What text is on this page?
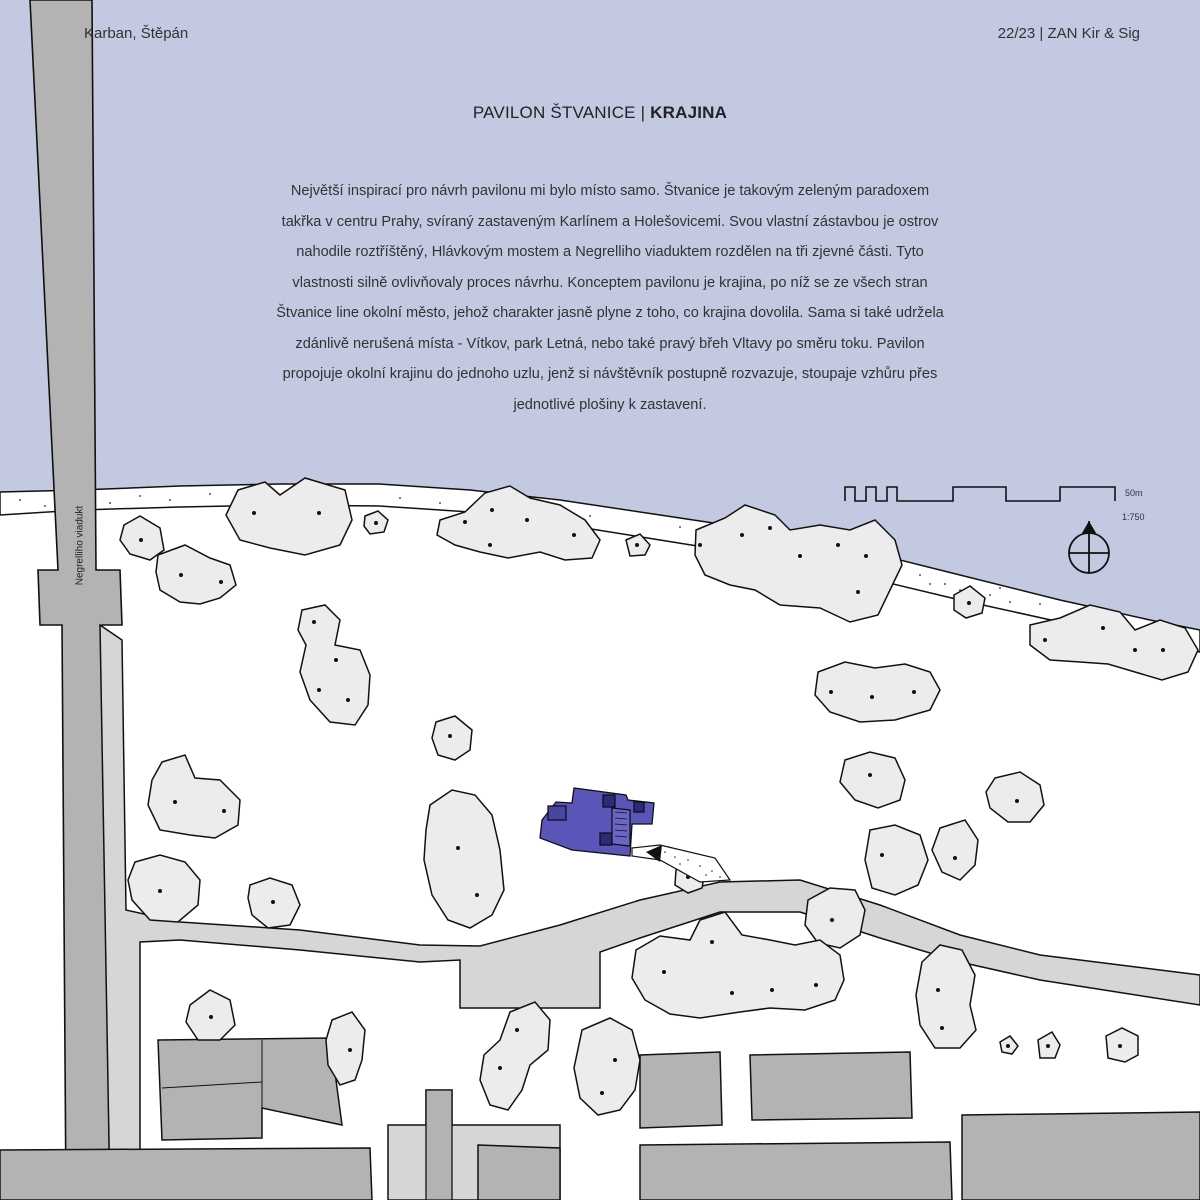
Karban, Štěpán	22/23 | ZAN Kir & Sig
PAVILON ŠTVANICE | KRAJINA
Největší inspirací pro návrh pavilonu mi bylo místo samo. Štvanice je takovým zeleným paradoxem takřka v centru Prahy, svíraný zastaveným Karlínem a Holešovicemi. Svou vlastní zástavbou je ostrov nahodile roztříštěný, Hlávkovým mostem a Negrelliho viaduktem rozdělen na tři zjevné části. Tyto vlastnosti silně ovlivňovaly proces návrhu. Konceptem pavilonu je krajina, po níž se ze všech stran Štvanice line okolní město, jehož charakter jasně plyne z toho, co krajina dovolila. Sama si také udržela zdánlivě nerušená místa - Vítkov, park Letná, nebo také pravý břeh Vltavy po směru toku. Pavilon propojuje okolní krajinu do jednoho uzlu, jenž si návštěvník postupně rozvazuje, stoupaje vzhůru přes jednotlivé plošiny k zastavení.
50m
1:750
Negrelliho viadukt
